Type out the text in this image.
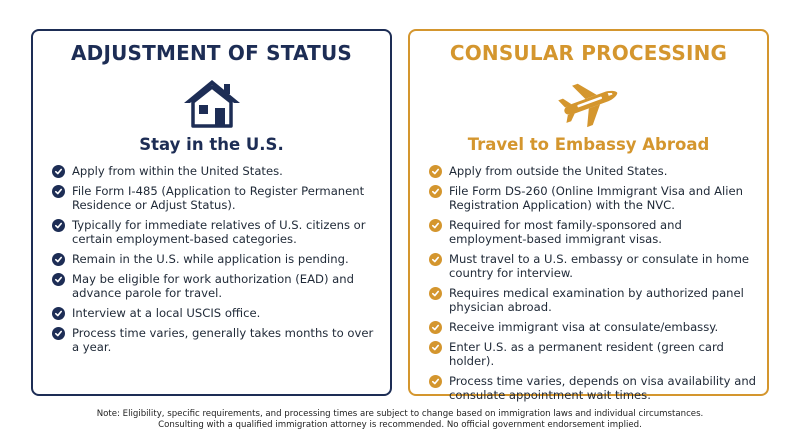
ADJUSTMENT OF STATUS
Stay in the U.S.
Apply from within the United States.
File Form I-485 (Application to Register Permanent Residence or Adjust Status).
Typically for immediate relatives of U.S. citizens or certain employment-based categories.
Remain in the U.S. while application is pending.
May be eligible for work authorization (EAD) and advance parole for travel.
Interview at a local USCIS office.
Process time varies, generally takes months to over a year.
CONSULAR PROCESSING
Travel to Embassy Abroad
Apply from outside the United States.
File Form DS-260 (Online Immigrant Visa and Alien Registration Application) with the NVC.
Required for most family-sponsored and employment-based immigrant visas.
Must travel to a U.S. embassy or consulate in home country for interview.
Requires medical examination by authorized panel physician abroad.
Receive immigrant visa at consulate/embassy.
Enter U.S. as a permanent resident (green card holder).
Process time varies, depends on visa availability and consulate appointment wait times.
Note: Eligibility, specific requirements, and processing times are subject to change based on immigration laws and individual circumstances.
Consulting with a qualified immigration attorney is recommended. No official government endorsement implied.
